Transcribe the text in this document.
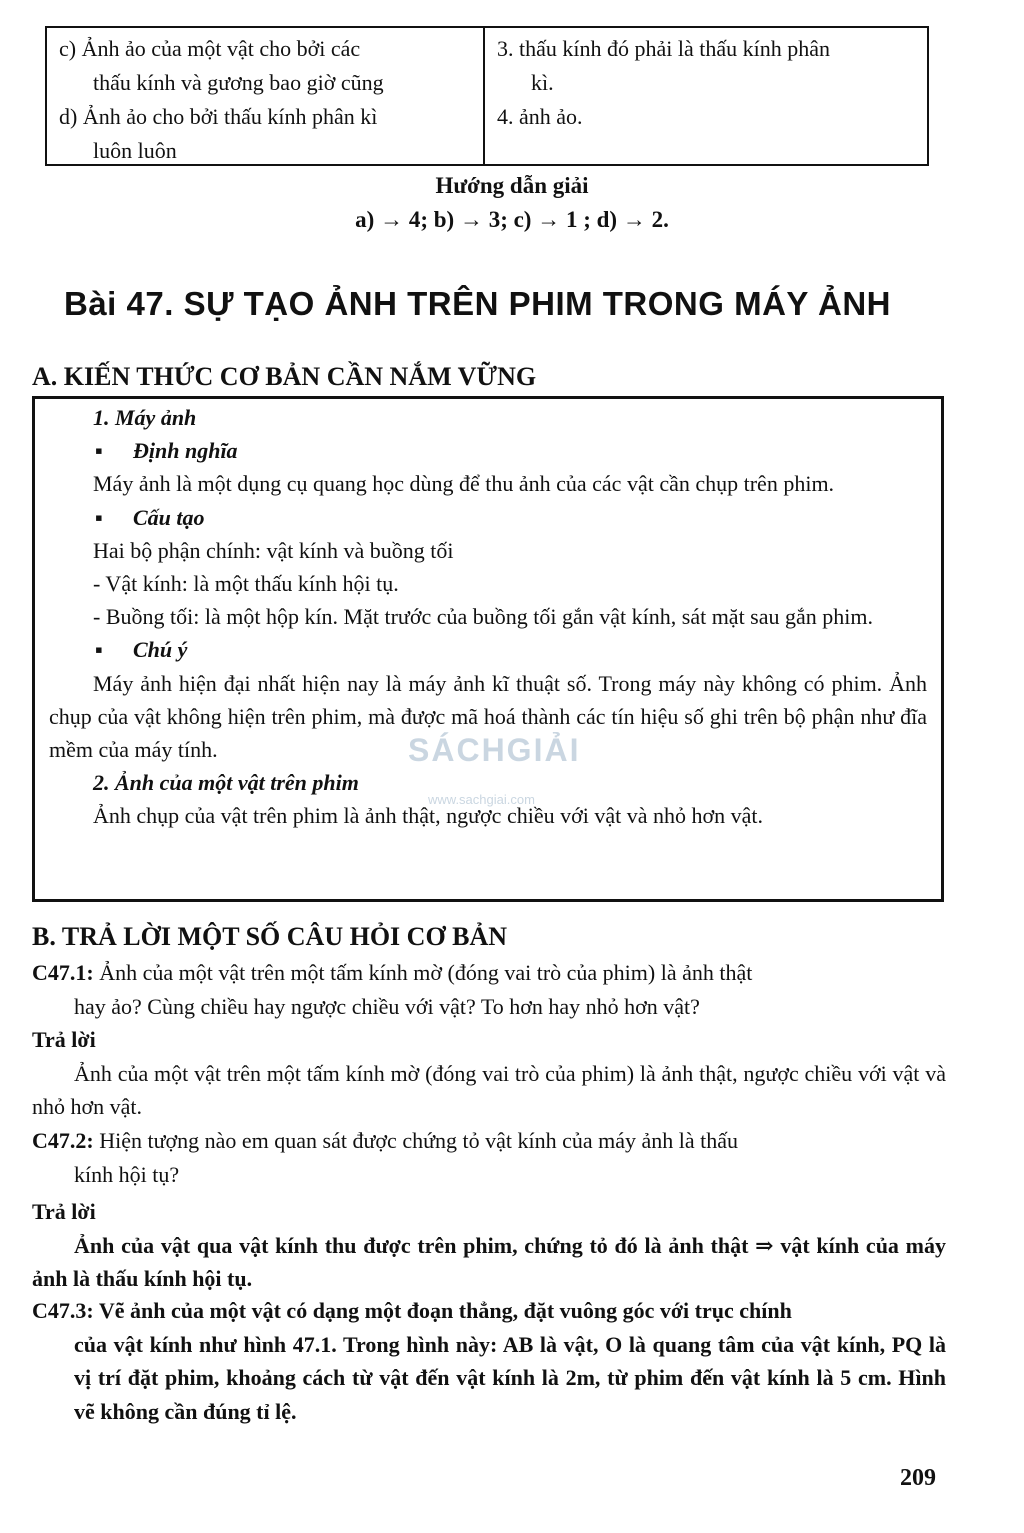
c) Ảnh ảo của một vật cho bởi các
thấu kính và gương bao giờ cũng
d) Ảnh ảo cho bởi thấu kính phân kì
luôn luôn
3. thấu kính đó phải là thấu kính phân
kì.
4. ảnh ảo.
Hướng dẫn giải
a) → 4; b) → 3; c) → 1 ; d) → 2.
Bài 47. SỰ TẠO ẢNH TRÊN PHIM TRONG MÁY ẢNH
A. KIẾN THỨC CƠ BẢN CẦN NẮM VỮNG

1. Máy ảnh

▪ Định nghĩa

Máy ảnh là một dụng cụ quang học dùng để thu ảnh của các vật cần chụp trên phim.

▪ Cấu tạo

Hai bộ phận chính: vật kính và buồng tối

- Vật kính: là một thấu kính hội tụ.

- Buồng tối: là một hộp kín. Mặt trước của buồng tối gắn vật kính, sát mặt sau gắn phim.

▪ Chú ý

Máy ảnh hiện đại nhất hiện nay là máy ảnh kĩ thuật số. Trong máy này không có phim. Ảnh chụp của vật không hiện trên phim, mà được mã hoá thành các tín hiệu số ghi trên bộ phận như đĩa mềm của máy tính.

2. Ảnh của một vật trên phim

Ảnh chụp của vật trên phim là ảnh thật, ngược chiều với vật và nhỏ hơn vật.

SÁCHGIẢI
www.sachgiai.com
B. TRẢ LỜI MỘT SỐ CÂU HỎI CƠ BẢN

C47.1: Ảnh của một vật trên một tấm kính mờ (đóng vai trò của phim) là ảnh thật

hay ảo? Cùng chiều hay ngược chiều với vật? To hơn hay nhỏ hơn vật?

Trả lời

Ảnh của một vật trên một tấm kính mờ (đóng vai trò của phim) là ảnh thật, ngược chiều với vật và nhỏ hơn vật.

C47.2: Hiện tượng nào em quan sát được chứng tỏ vật kính của máy ảnh là thấu

kính hội tụ?

Trả lời

Ảnh của vật qua vật kính thu được trên phim, chứng tỏ đó là ảnh thật ⇒ vật kính của máy ảnh là thấu kính hội tụ.

C47.3: Vẽ ảnh của một vật có dạng một đoạn thẳng, đặt vuông góc với trục chính

của vật kính như hình 47.1. Trong hình này: AB là vật, O là quang tâm của vật kính, PQ là vị trí đặt phim, khoảng cách từ vật đến vật kính là 2m, từ phim đến vật kính là 5 cm. Hình vẽ không cần đúng tỉ lệ.

209
